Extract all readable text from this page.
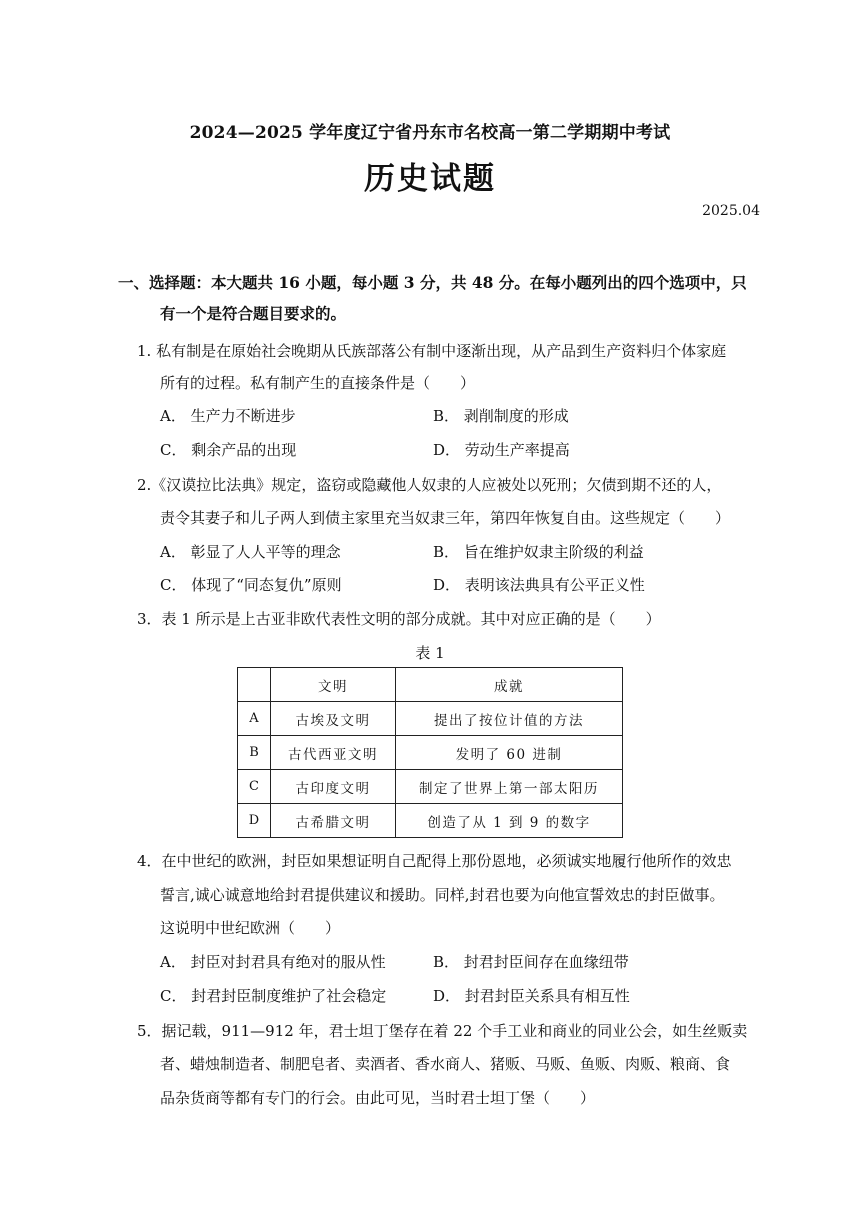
2024—2025 学年度辽宁省丹东市名校高一第二学期期中考试
历史试题
2025.04
一、选择题：本大题共 16 小题，每小题 3 分，共 48 分。在每小题列出的四个选项中，只
有一个是符合题目要求的。
1. 私有制是在原始社会晚期从氏族部落公有制中逐渐出现，从产品到生产资料归个体家庭
所有的过程。私有制产生的直接条件是（　　）
A． 生产力不断进步	B． 剥削制度的形成
C． 剩余产品的出现	D． 劳动生产率提高
2.《汉谟拉比法典》规定，盗窃或隐藏他人奴隶的人应被处以死刑；欠债到期不还的人，
责令其妻子和儿子两人到债主家里充当奴隶三年，第四年恢复自由。这些规定（　　）
A． 彰显了人人平等的理念	B． 旨在维护奴隶主阶级的利益
C． 体现了“同态复仇”原则	D． 表明该法典具有公平正义性
3．表 1 所示是上古亚非欧代表性文明的部分成就。其中对应正确的是（　　）
表 1
	文明	成就
A	古埃及文明	提出了按位计值的方法
B	古代西亚文明	发明了 60 进制
C	古印度文明	制定了世界上第一部太阳历
D	古希腊文明	创造了从 1 到 9 的数字
4．在中世纪的欧洲，封臣如果想证明自己配得上那份恩地，必须诚实地履行他所作的效忠
誓言,诚心诚意地给封君提供建议和援助。同样,封君也要为向他宣誓效忠的封臣做事。
这说明中世纪欧洲（　　）
A． 封臣对封君具有绝对的服从性	B． 封君封臣间存在血缘纽带
C． 封君封臣制度维护了社会稳定	D． 封君封臣关系具有相互性
5．据记载，911—912 年，君士坦丁堡存在着 22 个手工业和商业的同业公会，如生丝贩卖
者、蜡烛制造者、制肥皂者、卖酒者、香水商人、猪贩、马贩、鱼贩、肉贩、粮商、食
品杂货商等都有专门的行会。由此可见，当时君士坦丁堡（　　）
